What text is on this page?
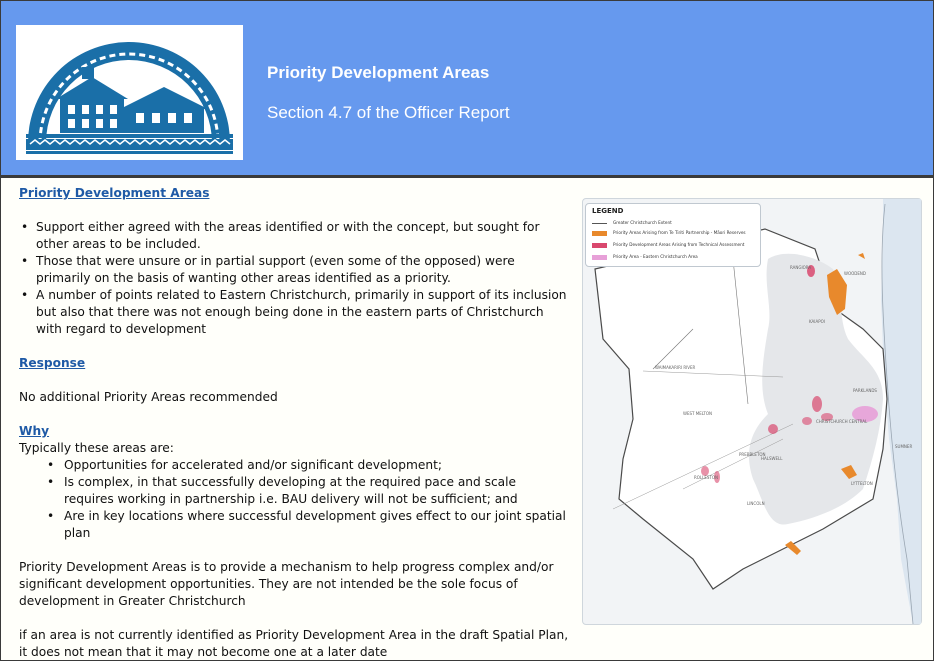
Priority Development Areas
Section 4.7 of the Officer Report
Priority Development Areas
• Support either agreed with the areas identified or with the concept, but sought for other areas to be included.
• Those that were unsure or in partial support (even some of the opposed) were primarily on the basis of wanting other areas identified as a priority.
• A number of points related to Eastern Christchurch, primarily in support of its inclusion but also that there was not enough being done in the eastern parts of Christchurch with regard to development
Response
No additional Priority Areas recommended
Why
Typically these areas are:
• Opportunities for accelerated and/or significant development;
• Is complex, in that successfully developing at the required pace and scale requires working in partnership i.e. BAU delivery will not be sufficient; and
• Are in key locations where successful development gives effect to our joint spatial plan
Priority Development Areas is to provide a mechanism to help progress complex and/or significant development opportunities. They are not intended be the sole focus of development in Greater Christchurch
if an area is not currently identified as Priority Development Area in the draft Spatial Plan, it does not mean that it may not become one at a later date
LEGEND
Greater Christchurch Extent
Priority Areas Arising from Te Tiriti Partnership - Māori Reserves
Priority Development Areas Arising from Technical Assessment
Priority Area - Eastern Christchurch Area
RANGIORA
WOODEND
KAIAPOI
WAIMAKARIRI RIVER
PARKLANDS
WEST MELTON
CHRISTCHURCH CENTRAL
SUMNER
PREBBLETON
HALSWELL
ROLLESTON
LYTTELTON
LINCOLN
